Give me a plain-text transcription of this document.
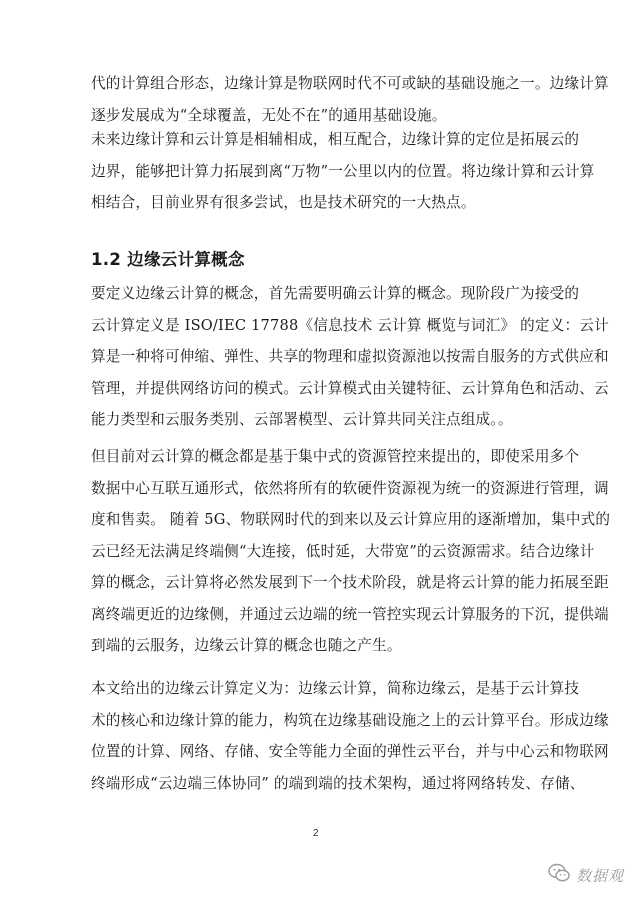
代的计算组合形态，边缘计算是物联网时代不可或缺的基础设施之一。边缘计算
逐步发展成为“全球覆盖，无处不在”的通用基础设施。
未来边缘计算和云计算是相辅相成，相互配合，边缘计算的定位是拓展云的
边界，能够把计算力拓展到离“万物”一公里以内的位置。将边缘计算和云计算
相结合，目前业界有很多尝试，也是技术研究的一大热点。
1.2 边缘云计算概念
要定义边缘云计算的概念，首先需要明确云计算的概念。现阶段广为接受的
云计算定义是 ISO/IEC 17788《信息技术 云计算 概览与词汇》 的定义：云计
算是一种将可伸缩、弹性、共享的物理和虚拟资源池以按需自服务的方式供应和
管理，并提供网络访问的模式。云计算模式由关键特征、云计算角色和活动、云
能力类型和云服务类别、云部署模型、云计算共同关注点组成。。
但目前对云计算的概念都是基于集中式的资源管控来提出的，即使采用多个
数据中心互联互通形式，依然将所有的软硬件资源视为统一的资源进行管理，调
度和售卖。 随着 5G、物联网时代的到来以及云计算应用的逐渐增加，集中式的
云已经无法满足终端侧“大连接，低时延，大带宽”的云资源需求。结合边缘计
算的概念，云计算将必然发展到下一个技术阶段，就是将云计算的能力拓展至距
离终端更近的边缘侧，并通过云边端的统一管控实现云计算服务的下沉，提供端
到端的云服务，边缘云计算的概念也随之产生。
本文给出的边缘云计算定义为：边缘云计算，简称边缘云，是基于云计算技
术的核心和边缘计算的能力，构筑在边缘基础设施之上的云计算平台。形成边缘
位置的计算、网络、存储、安全等能力全面的弹性云平台，并与中心云和物联网
终端形成“云边端三体协同” 的端到端的技术架构，通过将网络转发、存储、
2
数据观
